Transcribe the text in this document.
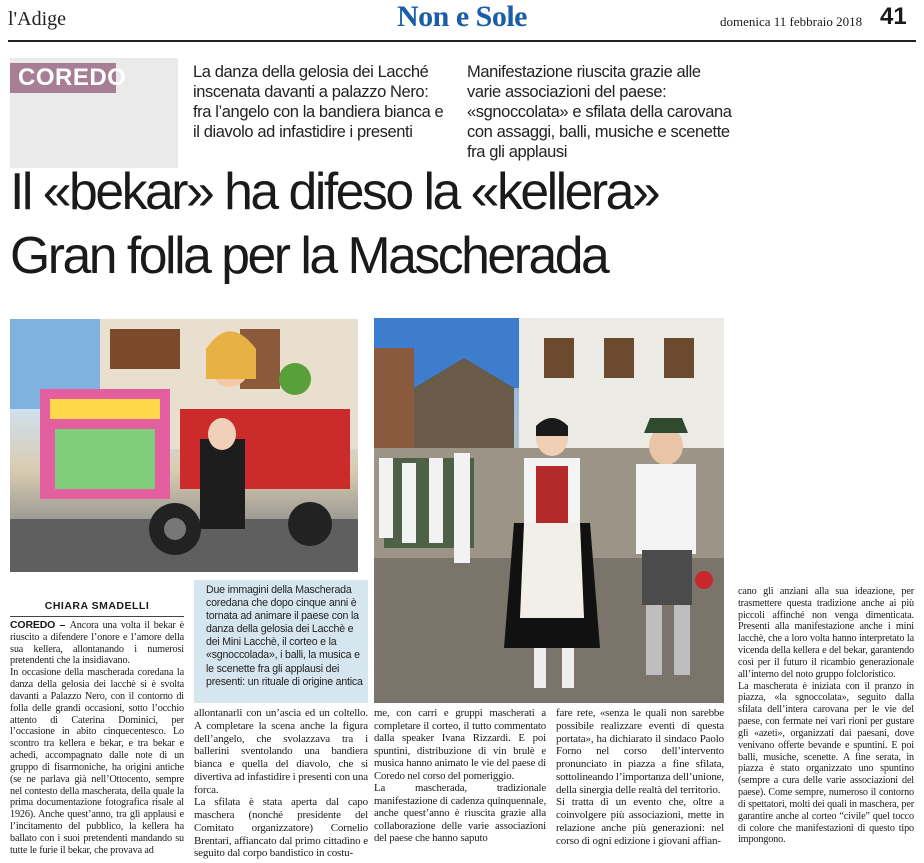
Non e Sole
l'Adige	domenica 11 febbraio 2018 41
COREDO	La danza della gelosia dei Lacché inscenata davanti a palazzo Nero: fra l’angelo con la bandiera bianca e il diavolo ad infastidire i presenti
Manifestazione riuscita grazie alle varie associazioni del paese: «sgnoccolata» e sfilata della carovana con assaggi, balli, musiche e scenette fra gli applausi
Il «bekar» ha difeso la «kellera»
Gran folla per la Mascherada
Due immagini della Mascherada coredana che dopo cinque anni è tornata ad animare il paese con la danza della gelosia dei Lacchè e dei Mini Lacchè, il corteo e la «sgnoccolada», i balli, la musica e le scenette fra gli applausi dei presenti: un rituale di origine antica
CHIARA SMADELLI

COREDO – Ancora una volta il bekar è riuscito a difendere l’onore e l’amore della sua kellera, allontanando i numerosi pretendenti che la insidiavano.

In occasione della mascherada coredana la danza della gelosia dei lacchè si è svolta davanti a Palazzo Nero, con il contorno di folla delle grandi occasioni, sotto l’occhio attento di Caterina Dominici, per l’occasione in abito cinquecentesco. Lo scontro tra kellera e bekar, e tra bekar e achedi, accompagnato dalle note di un gruppo di fisarmoniche, ha origini antiche (se ne parlava già nell’Ottocento, sempre nel contesto della mascherata, della quale la prima documentazione fotografica risale al 1926). Anche quest’anno, tra gli applausi e l’incitamento del pubblico, la kellera ha ballato con i suoi pretendenti mandando su tutte le furie il bekar, che provava ad

allontanarli con un’ascia ed un coltello. A completare la scena anche la figura dell’angelo, che svolazzava tra i ballerini sventolando una bandiera bianca e quella del diavolo, che si divertiva ad infastidire i presenti con una forca.

La sfilata è stata aperta dal capo maschera (nonché presidente del Comitato organizzatore) Cornelio Brentari, affiancato dal primo cittadino e seguito dal corpo bandistico in costu-

me, con carri e gruppi mascherati a completare il corteo, il tutto commentato dalla speaker Ivana Rizzardi. E poi spuntini, distribuzione di vin brulè e musica hanno animato le vie del paese di Coredo nel corso del pomeriggio.

La mascherada, tradizionale manifestazione di cadenza quinquennale, anche quest’anno è riuscita grazie alla collaborazione delle varie associazioni del paese che hanno saputo

fare rete, «senza le quali non sarebbe possibile realizzare eventi di questa portata», ha dichiarato il sindaco Paolo Forno nel corso dell’intervento pronunciato in piazza a fine sfilata, sottolineando l’importanza dell’unione, della sinergia delle realtà del territorio.

Si tratta di un evento che, oltre a coinvolgere più associazioni, mette in relazione anche più generazioni: nel corso di ogni edizione i giovani affian-

cano gli anziani alla sua ideazione, per trasmettere questa tradizione anche ai più piccoli affinché non venga dimenticata. Presenti alla manifestazione anche i mini lacchè, che a loro volta hanno interpretato la vicenda della kellera e del bekar, garantendo così per il futuro il ricambio generazionale all’interno del noto gruppo folcloristico.

La mascherata è iniziata con il pranzo in piazza, «la sgnoccolata», seguito dalla sfilata dell’intera carovana per le vie del paese, con fermate nei vari rioni per gustare gli «azeti», organizzati dai paesani, dove venivano offerte bevande e spuntini. E poi balli, musiche, scenette. A fine serata, in piazza è stato organizzato uno spuntino (sempre a cura delle varie associazioni del paese). Come sempre, numeroso il contorno di spettatori, molti dei quali in maschera, per garantire anche al corteo “civile” quel tocco di colore che manifestazioni di questo tipo impongono.
